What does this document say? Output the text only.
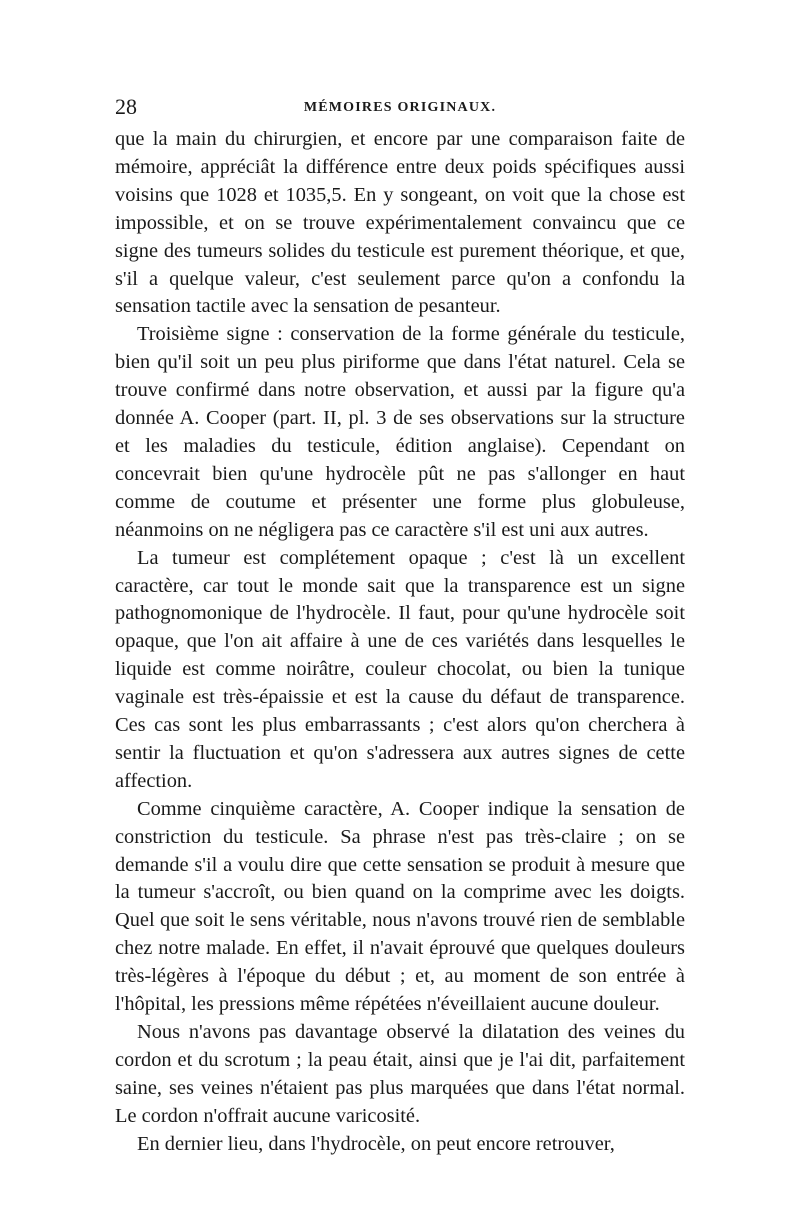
28	MÉMOIRES ORIGINAUX.

que la main du chirurgien, et encore par une comparaison faite de mémoire, appréciât la différence entre deux poids spécifiques aussi voisins que 1028 et 1035,5. En y songeant, on voit que la chose est impossible, et on se trouve expérimentalement convaincu que ce signe des tumeurs solides du testicule est purement théorique, et que, s'il a quelque valeur, c'est seulement parce qu'on a confondu la sensation tactile avec la sensation de pesanteur.

Troisième signe : conservation de la forme générale du testicule, bien qu'il soit un peu plus piriforme que dans l'état naturel. Cela se trouve confirmé dans notre observation, et aussi par la figure qu'a donnée A. Cooper (part. II, pl. 3 de ses observations sur la structure et les maladies du testicule, édition anglaise). Cependant on concevrait bien qu'une hydrocèle pût ne pas s'allonger en haut comme de coutume et présenter une forme plus globuleuse, néanmoins on ne négligera pas ce caractère s'il est uni aux autres.

La tumeur est complétement opaque ; c'est là un excellent caractère, car tout le monde sait que la transparence est un signe pathognomonique de l'hydrocèle. Il faut, pour qu'une hydrocèle soit opaque, que l'on ait affaire à une de ces variétés dans lesquelles le liquide est comme noirâtre, couleur chocolat, ou bien la tunique vaginale est très-épaissie et est la cause du défaut de transparence. Ces cas sont les plus embarrassants ; c'est alors qu'on cherchera à sentir la fluctuation et qu'on s'adressera aux autres signes de cette affection.

Comme cinquième caractère, A. Cooper indique la sensation de constriction du testicule. Sa phrase n'est pas très-claire ; on se demande s'il a voulu dire que cette sensation se produit à mesure que la tumeur s'accroît, ou bien quand on la comprime avec les doigts. Quel que soit le sens véritable, nous n'avons trouvé rien de semblable chez notre malade. En effet, il n'avait éprouvé que quelques douleurs très-légères à l'époque du début ; et, au moment de son entrée à l'hôpital, les pressions même répétées n'éveillaient aucune douleur.

Nous n'avons pas davantage observé la dilatation des veines du cordon et du scrotum ; la peau était, ainsi que je l'ai dit, parfaitement saine, ses veines n'étaient pas plus marquées que dans l'état normal. Le cordon n'offrait aucune varicosité.

En dernier lieu, dans l'hydrocèle, on peut encore retrouver,
